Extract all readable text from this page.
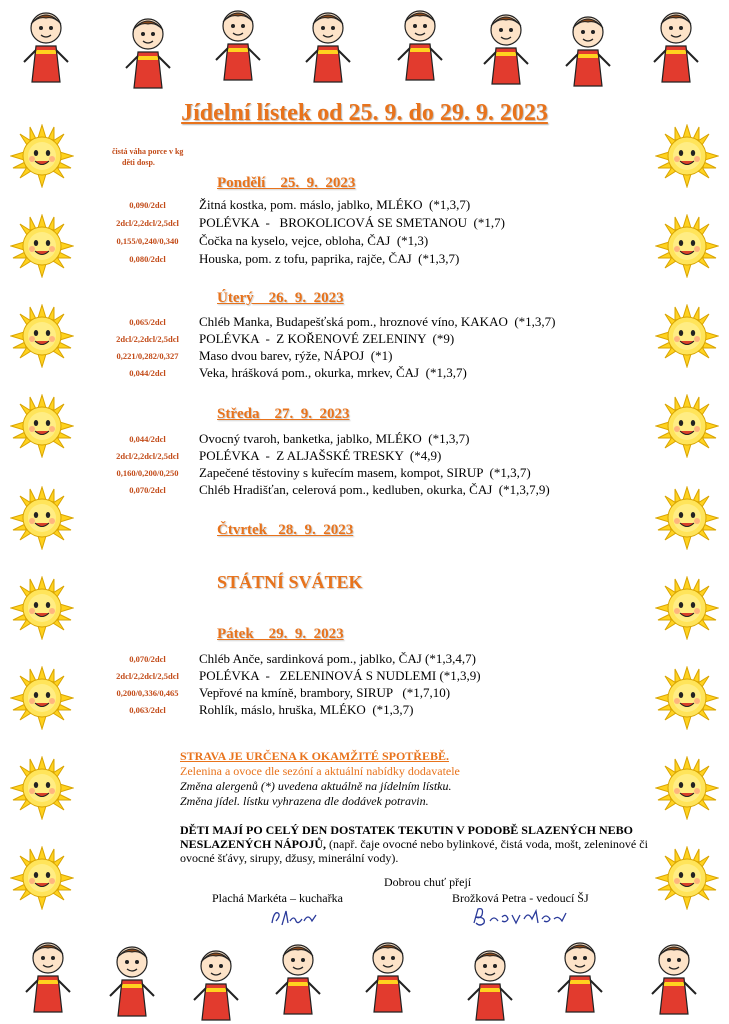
Jídelní lístek od 25. 9. do 29. 9. 2023
čistá váha porce v kg
děti dosp.
Pondělí    25.  9.  2023
0,090/2dcl	Žitná kostka, pom. máslo, jablko, MLÉKO  (*1,3,7)
2dcl/2,2dcl/2,5dcl	POLÉVKA  -   BROKOLICOVÁ SE SMETANOU  (*1,7)
0,155/0,240/0,340	Čočka na kyselo, vejce, obloha, ČAJ  (*1,3)
0,080/2dcl	Houska, pom. z tofu, paprika, rajče, ČAJ  (*1,3,7)
Úterý    26.  9.  2023
0,065/2dcl	Chléb Manka, Budapešťská pom., hroznové víno, KAKAO  (*1,3,7)
2dcl/2,2dcl/2,5dcl	POLÉVKA  -  Z KOŘENOVÉ ZELENINY  (*9)
0,221/0,282/0,327	Maso dvou barev, rýže, NÁPOJ  (*1)
0,044/2dcl	Veka, hrášková pom., okurka, mrkev, ČAJ  (*1,3,7)
Středa    27.  9.  2023
0,044/2dcl	Ovocný tvaroh, banketka, jablko, MLÉKO  (*1,3,7)
2dcl/2,2dcl/2,5dcl	POLÉVKA  -  Z ALJAŠSKÉ TRESKY  (*4,9)
0,160/0,200/0,250	Zapečené těstoviny s kuřecím masem, kompot, SIRUP  (*1,3,7)
0,070/2dcl	Chléb Hradišťan, celerová pom., kedluben, okurka, ČAJ  (*1,3,7,9)
Čtvrtek   28.  9.  2023
STÁTNÍ SVÁTEK
Pátek    29.  9.  2023
0,070/2dcl	Chléb Anče, sardinková pom., jablko, ČAJ (*1,3,4,7)
2dcl/2,2dcl/2,5dcl	POLÉVKA  -   ZELENINOVÁ S NUDLEMI (*1,3,9)
0,200/0,336/0,465	Vepřové na kmíně, brambory, SIRUP   (*1,7,10)
0,063/2dcl	Rohlík, máslo, hruška, MLÉKO  (*1,3,7)
STRAVA JE URČENA K OKAMŽITÉ SPOTŘEBĚ.
Zelenina a ovoce dle sezóní a aktuální nabídky dodavatele
Změna alergenů (*) uvedena aktuálně na jídelním lístku.
Změna jídel. lístku vyhrazena dle dodávek potravin.
DĚTI MAJÍ PO CELÝ DEN DOSTATEK TEKUTIN V PODOBĚ SLAZENÝCH NEBO NESLAZENÝCH NÁPOJŮ, (např. čaje ovocné nebo bylinkové, čistá voda, mošt, zeleninové či ovocné šťávy, sirupy, džusy, minerální vody).
Dobrou chuť přejí
Plachá Markéta – kuchařka	Brožková Petra - vedoucí ŠJ
